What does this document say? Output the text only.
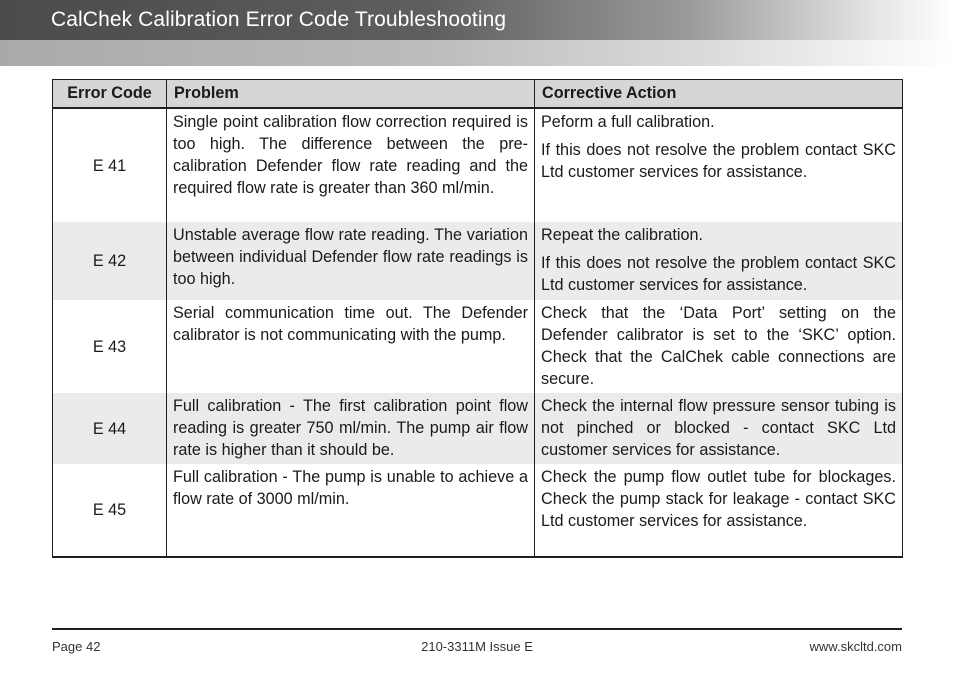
CalChek Calibration Error Code Troubleshooting
Error Code	Problem	Corrective Action
E 41	Single point calibration flow correction required is too high. The difference between the pre-calibration Defender flow rate reading and the required flow rate is greater than 360 ml/min.	Peform a full calibration.

If this does not resolve the problem contact SKC Ltd customer services for assistance.

E 42	Unstable average flow rate reading. The variation between individual Defender flow rate readings is too high.	Repeat the calibration.

If this does not resolve the problem contact SKC Ltd customer services for assistance.

E 43	Serial communication time out. The Defender calibrator is not communicating with the pump.	Check that the ‘Data Port’ setting on the Defender calibrator is set to the ‘SKC’ option. Check that the CalChek cable connections are secure.

E 44	Full calibration - The first calibration point flow reading is greater 750 ml/min. The pump air flow rate is higher than it should be.	Check the internal flow pressure sensor tubing is not pinched or blocked - contact SKC Ltd customer services for assistance.

E 45	Full calibration - The pump is unable to achieve a flow rate of 3000 ml/min.	Check the pump flow outlet tube for blockages. Check the pump stack for leakage - contact SKC Ltd customer services for assistance.

Page 42	210-3311M Issue E	www.skcltd.com
